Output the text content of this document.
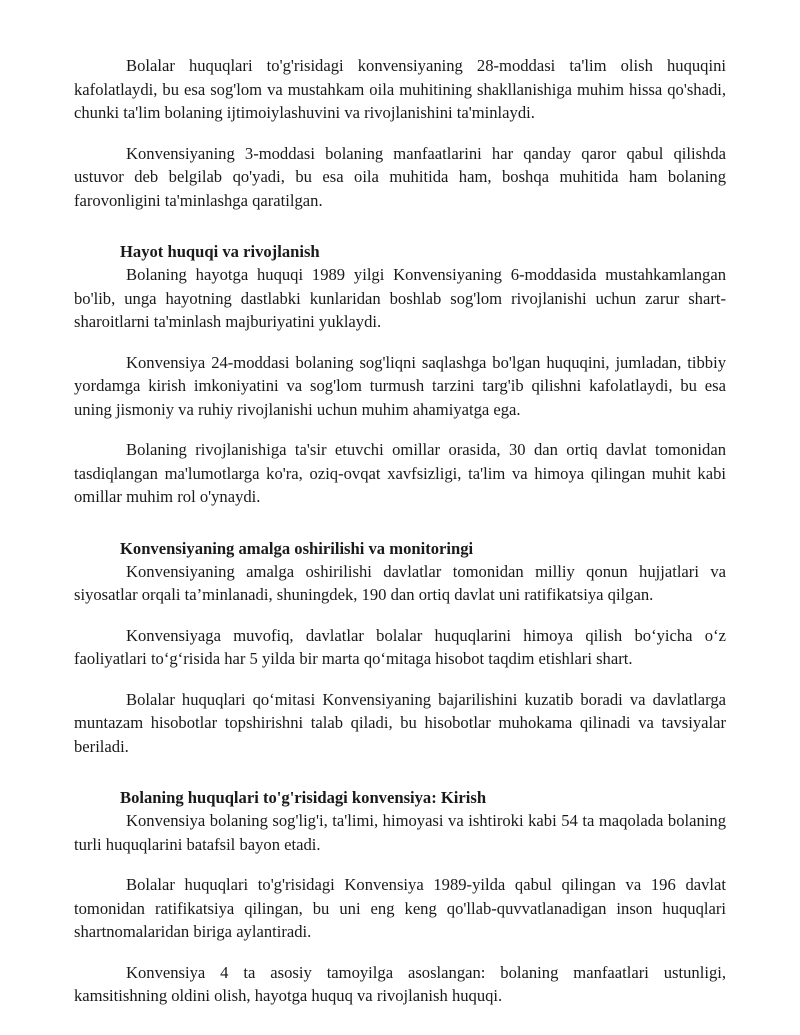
Bolalar huquqlari to'g'risidagi konvensiyaning 28-moddasi ta'lim olish huquqini kafolatlaydi, bu esa sog'lom va mustahkam oila muhitining shakllanishiga muhim hissa qo'shadi, chunki ta'lim bolaning ijtimoiylashuvini va rivojlanishini ta'minlaydi.

Konvensiyaning 3-moddasi bolaning manfaatlarini har qanday qaror qabul qilishda ustuvor deb belgilab qo'yadi, bu esa oila muhitida ham, boshqa muhitida ham bolaning farovonligini ta'minlashga qaratilgan.

Hayot huquqi va rivojlanish

Bolaning hayotga huquqi 1989 yilgi Konvensiyaning 6-moddasida mustahkamlangan bo'lib, unga hayotning dastlabki kunlaridan boshlab sog'lom rivojlanishi uchun zarur shart-sharoitlarni ta'minlash majburiyatini yuklaydi.

Konvensiya 24-moddasi bolaning sog'liqni saqlashga bo'lgan huquqini, jumladan, tibbiy yordamga kirish imkoniyatini va sog'lom turmush tarzini targ'ib qilishni kafolatlaydi, bu esa uning jismoniy va ruhiy rivojlanishi uchun muhim ahamiyatga ega.

Bolaning rivojlanishiga ta'sir etuvchi omillar orasida, 30 dan ortiq davlat tomonidan tasdiqlangan ma'lumotlarga ko'ra, oziq-ovqat xavfsizligi, ta'lim va himoya qilingan muhit kabi omillar muhim rol o'ynaydi.

Konvensiyaning amalga oshirilishi va monitoringi

Konvensiyaning amalga oshirilishi davlatlar tomonidan milliy qonun hujjatlari va siyosatlar orqali ta’minlanadi, shuningdek, 190 dan ortiq davlat uni ratifikatsiya qilgan.

Konvensiyaga muvofiq, davlatlar bolalar huquqlarini himoya qilish bo‘yicha o‘z faoliyatlari to‘g‘risida har 5 yilda bir marta qo‘mitaga hisobot taqdim etishlari shart.

Bolalar huquqlari qo‘mitasi Konvensiyaning bajarilishini kuzatib boradi va davlatlarga muntazam hisobotlar topshirishni talab qiladi, bu hisobotlar muhokama qilinadi va tavsiyalar beriladi.

Bolaning huquqlari to'g'risidagi konvensiya: Kirish

Konvensiya bolaning sog'lig'i, ta'limi, himoyasi va ishtiroki kabi 54 ta maqolada bolaning turli huquqlarini batafsil bayon etadi.

Bolalar huquqlari to'g'risidagi Konvensiya 1989-yilda qabul qilingan va 196 davlat tomonidan ratifikatsiya qilingan, bu uni eng keng qo'llab-quvvatlanadigan inson huquqlari shartnomalaridan biriga aylantiradi.

Konvensiya 4 ta asosiy tamoyilga asoslangan: bolaning manfaatlari ustunligi, kamsitishning oldini olish, hayotga huquq va rivojlanish huquqi.
